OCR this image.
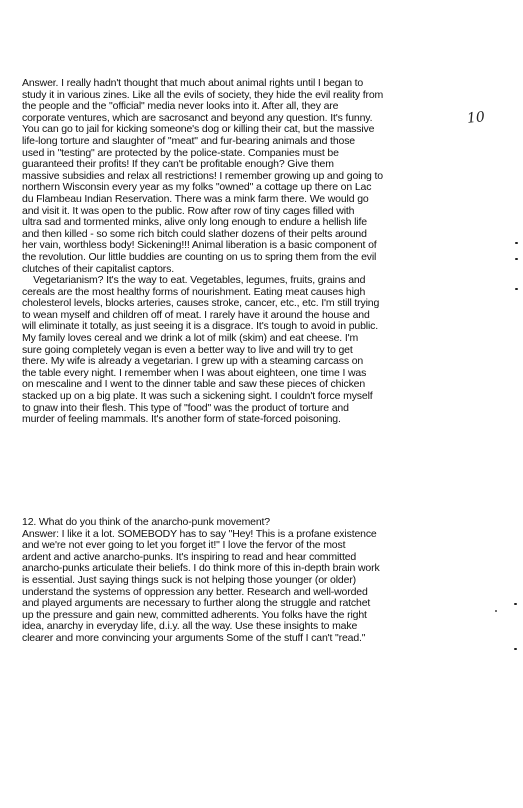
10

Answer. I really hadn't thought that much about animal rights until I began to

study it in various zines. Like all the evils of society, they hide the evil reality from

the people and the "official" media never looks into it. After all, they are

corporate ventures, which are sacrosanct and beyond any question. It's funny.

You can go to jail for kicking someone's dog or killing their cat, but the massive

life-long torture and slaughter of "meat" and fur-bearing animals and those

used in "testing" are protected by the police-state. Companies must be

guaranteed their profits! If they can't be profitable enough? Give them

massive subsidies and relax all restrictions! I remember growing up and going to

northern Wisconsin every year as my folks "owned" a cottage up there on Lac

du Flambeau Indian Reservation. There was a mink farm there. We would go

and visit it. It was open to the public. Row after row of tiny cages filled with

ultra sad and tormented minks, alive only long enough to endure a hellish life

and then killed - so some rich bitch could slather dozens of their pelts around

her vain, worthless body! Sickening!!! Animal liberation is a basic component of

the revolution. Our little buddies are counting on us to spring them from the evil

clutches of their capitalist captors.

Vegetarianism? It's the way to eat. Vegetables, legumes, fruits, grains and

cereals are the most healthy forms of nourishment. Eating meat causes high

cholesterol levels, blocks arteries, causes stroke, cancer, etc., etc. I'm still trying

to wean myself and children off of meat. I rarely have it around the house and

will eliminate it totally, as just seeing it is a disgrace. It's tough to avoid in public.

My family loves cereal and we drink a lot of milk (skim) and eat cheese. I'm

sure going completely vegan is even a better way to live and will try to get

there. My wife is already a vegetarian. I grew up with a steaming carcass on

the table every night. I remember when I was about eighteen, one time I was

on mescaline and I went to the dinner table and saw these pieces of chicken

stacked up on a big plate. It was such a sickening sight. I couldn't force myself

to gnaw into their flesh. This type of "food" was the product of torture and

murder of feeling mammals. It's another form of state-forced poisoning.

12. What do you think of the anarcho-punk movement?

Answer: I like it a lot. SOMEBODY has to say "Hey! This is a profane existence

and we're not ever going to let you forget it!" I love the fervor of the most

ardent and active anarcho-punks. It's inspiring to read and hear committed

anarcho-punks articulate their beliefs. I do think more of this in-depth brain work

is essential. Just saying things suck is not helping those younger (or older)

understand the systems of oppression any better. Research and well-worded

and played arguments are necessary to further along the struggle and ratchet

up the pressure and gain new, committed adherents. You folks have the right

idea, anarchy in everyday life, d.i.y. all the way. Use these insights to make

clearer and more convincing your arguments Some of the stuff I can't "read."
